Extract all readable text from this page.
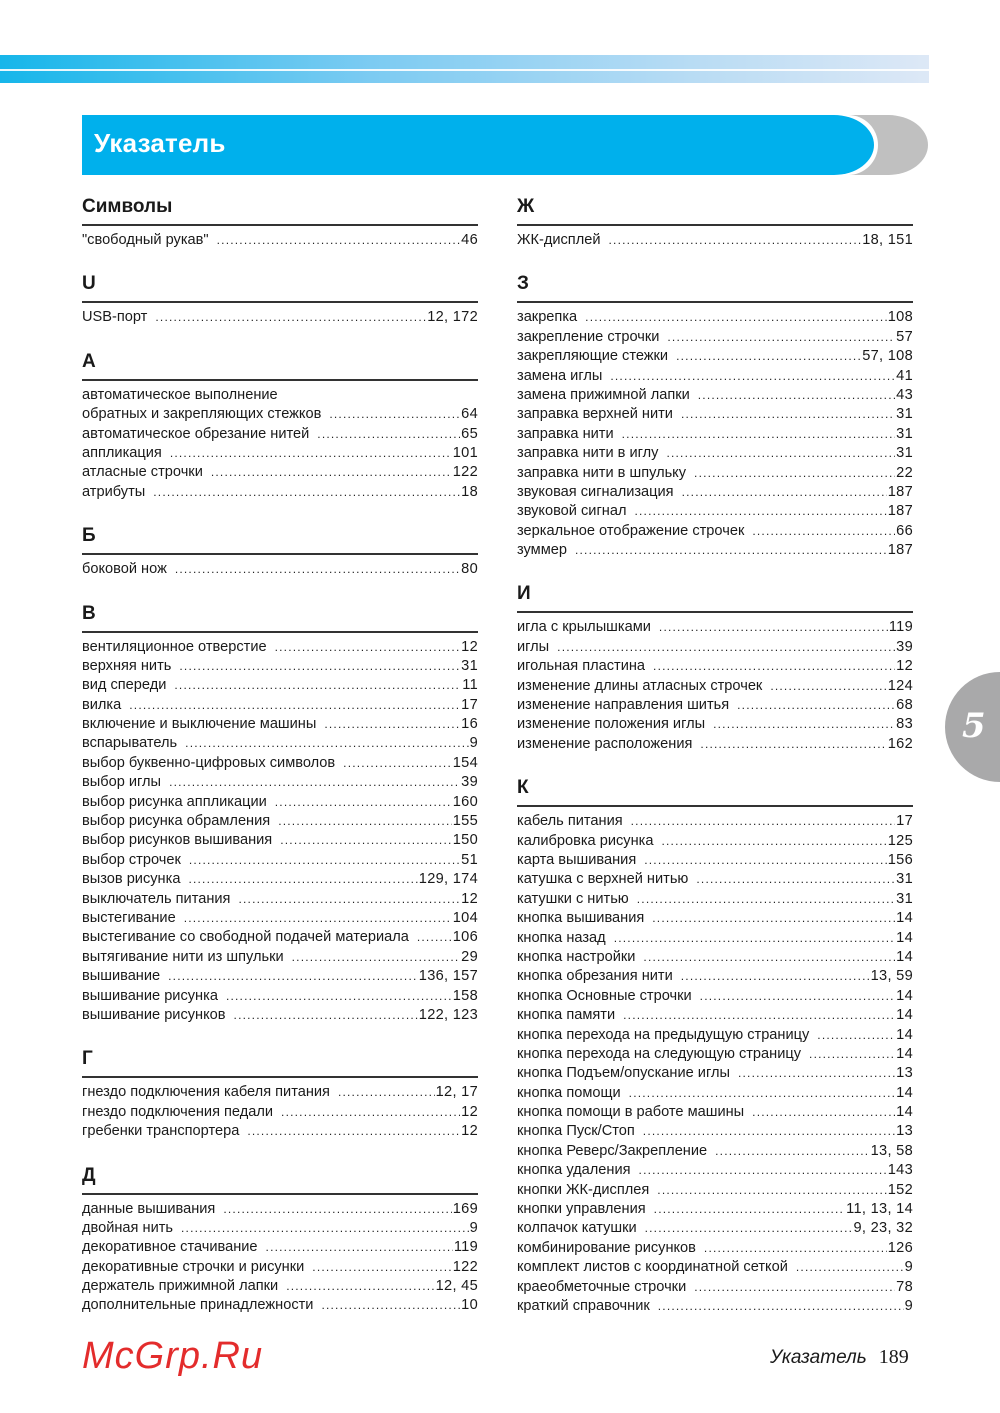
Указатель
Символы
"свободный рукав" .....	46
U
USB-порт .....	12, 172
А
автоматическое выполнение
обратных и закрепляющих стежков .....	64
автоматическое обрезание нитей .....	65
аппликация .....	101
атласные строчки .....	122
атрибуты .....	18
Б
боковой нож .....	80
В
вентиляционное отверстие .....	12
верхняя нить .....	31
вид спереди .....	11
вилка .....	17
включение и выключение машины .....	16
вспарыватель .....	9
выбор буквенно-цифровых символов .....	154
выбор иглы .....	39
выбор рисунка аппликации .....	160
выбор рисунка обрамления .....	155
выбор рисунков вышивания .....	150
выбор строчек .....	51
вызов рисунка .....	129, 174
выключатель питания .....	12
выстегивание .....	104
выстегивание со свободной подачей материала .....	106
вытягивание нити из шпульки .....	29
вышивание .....	136, 157
вышивание рисунка .....	158
вышивание рисунков .....	122, 123
Г
гнездо подключения кабеля питания .....	12, 17
гнездо подключения педали .....	12
гребенки транспортера .....	12
Д
данные вышивания .....	169
двойная нить .....	9
декоративное стачивание .....	119
декоративные строчки и рисунки .....	122
держатель прижимной лапки .....	12, 45
дополнительные принадлежности .....	10
Ж
ЖК-дисплей .....	18, 151
З
закрепка .....	108
закрепление строчки .....	57
закрепляющие стежки .....	57, 108
замена иглы .....	41
замена прижимной лапки .....	43
заправка верхней нити .....	31
заправка нити .....	31
заправка нити в иглу .....	31
заправка нити в шпульку .....	22
звуковая сигнализация .....	187
звуковой сигнал .....	187
зеркальное отображение строчек .....	66
зуммер .....	187
И
игла с крылышками .....	119
иглы .....	39
игольная пластина .....	12
изменение длины атласных строчек .....	124
изменение направления шитья .....	68
изменение положения иглы .....	83
изменение расположения .....	162
К
кабель питания .....	17
калибровка рисунка .....	125
карта вышивания .....	156
катушка с верхней нитью .....	31
катушки с нитью .....	31
кнопка вышивания .....	14
кнопка назад .....	14
кнопка настройки .....	14
кнопка обрезания нити .....	13, 59
кнопка Основные строчки .....	14
кнопка памяти .....	14
кнопка перехода на предыдущую страницу .....	14
кнопка перехода на следующую страницу .....	14
кнопка Подъем/опускание иглы .....	13
кнопка помощи .....	14
кнопка помощи в работе машины .....	14
кнопка Пуск/Стоп .....	13
кнопка Реверс/Закрепление .....	13, 58
кнопка удаления .....	143
кнопки ЖК-дисплея .....	152
кнопки управления .....	11, 13, 14
колпачок катушки .....	9, 23, 32
комбинирование рисунков .....	126
комплект листов с координатной сеткой .....	9
краеобметочные строчки .....	78
краткий справочник .....	9
5
McGrp.Ru	Указатель 189
